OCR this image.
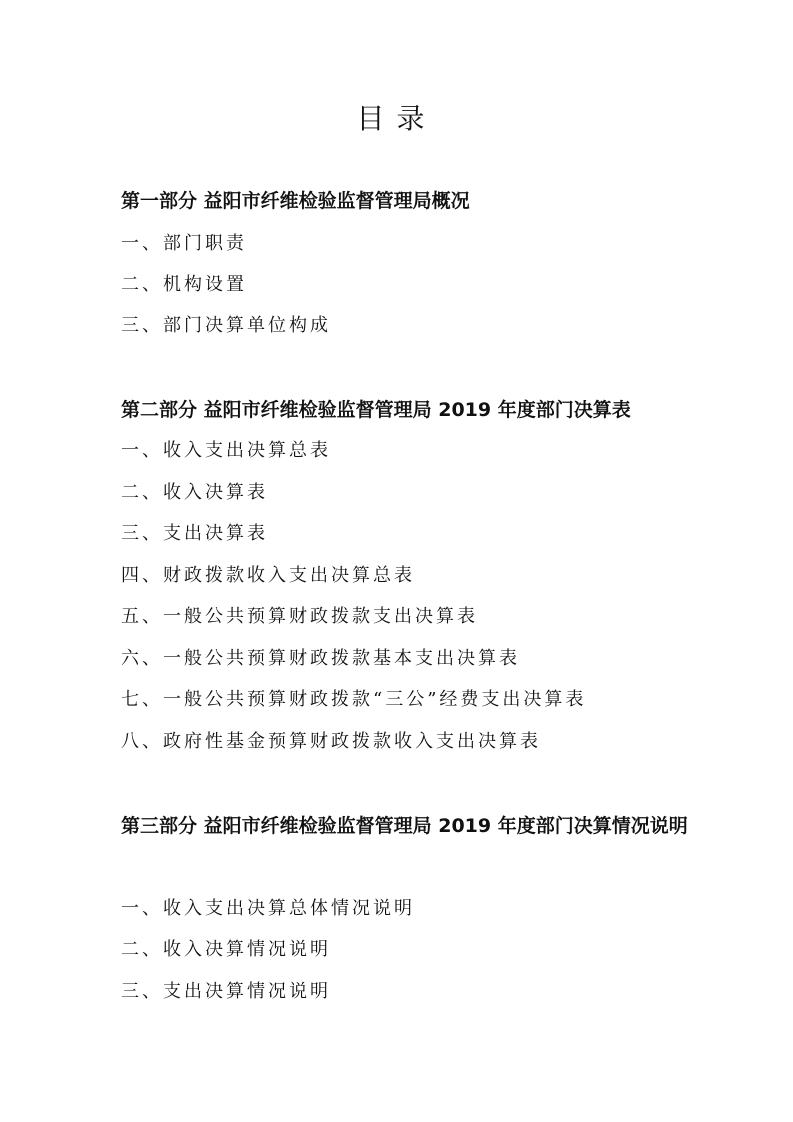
目录
第一部分 益阳市纤维检验监督管理局概况
一、部门职责
二、机构设置
三、部门决算单位构成
第二部分 益阳市纤维检验监督管理局 2019 年度部门决算表
一、收入支出决算总表
二、收入决算表
三、支出决算表
四、财政拨款收入支出决算总表
五、一般公共预算财政拨款支出决算表
六、一般公共预算财政拨款基本支出决算表
七、一般公共预算财政拨款“三公”经费支出决算表
八、政府性基金预算财政拨款收入支出决算表
第三部分 益阳市纤维检验监督管理局 2019 年度部门决算情况说明
一、收入支出决算总体情况说明
二、收入决算情况说明
三、支出决算情况说明
